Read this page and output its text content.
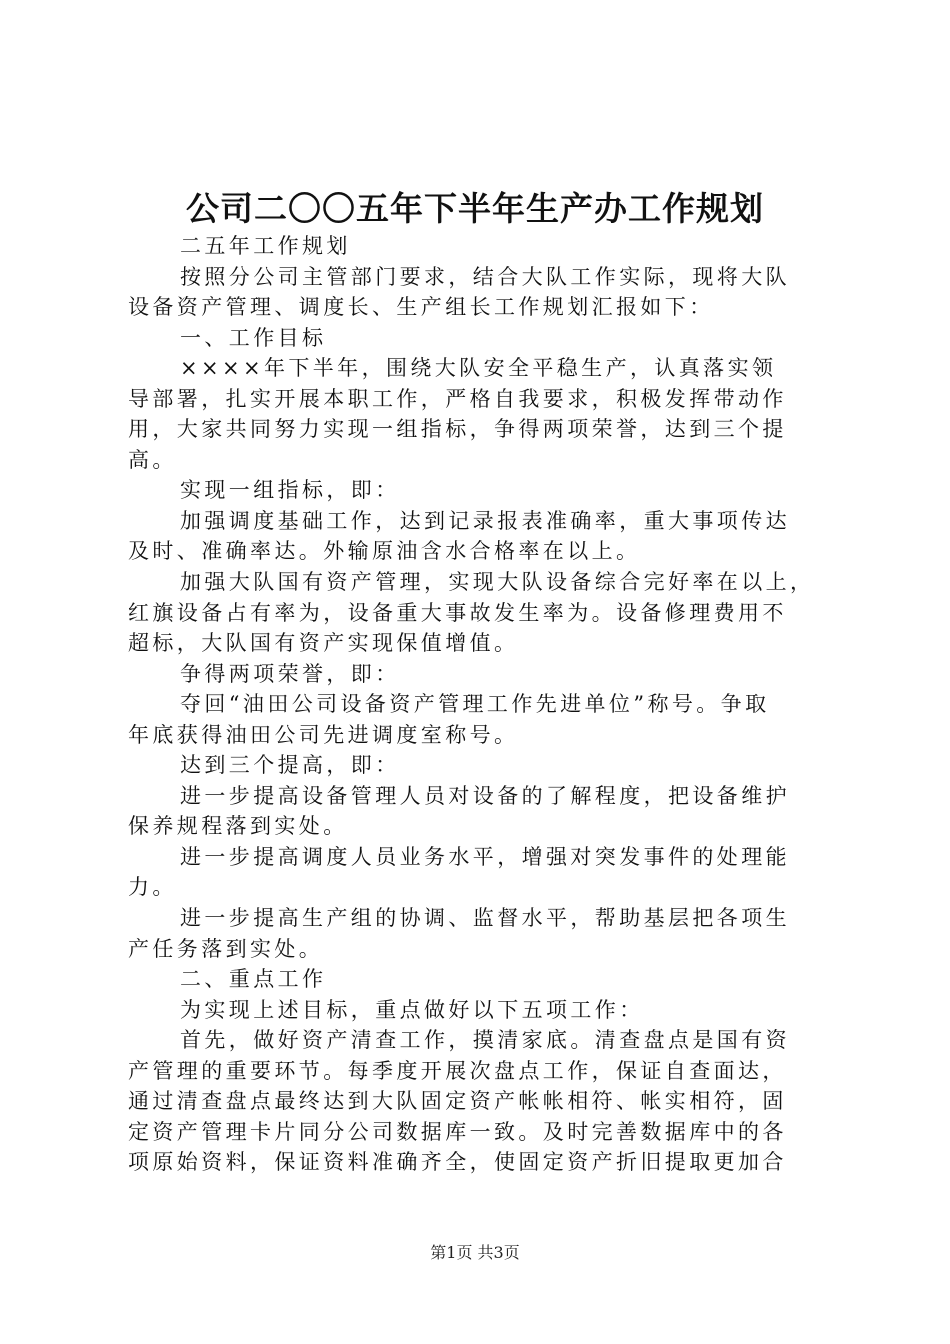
公司二〇〇五年下半年生产办工作规划
二五年工作规划
按照分公司主管部门要求，结合大队工作实际，现将大队
设备资产管理、调度长、生产组长工作规划汇报如下：
一、工作目标
××××年下半年，围绕大队安全平稳生产，认真落实领
导部署，扎实开展本职工作，严格自我要求，积极发挥带动作
用，大家共同努力实现一组指标，争得两项荣誉，达到三个提
高。
实现一组指标，即：
加强调度基础工作，达到记录报表准确率，重大事项传达
及时、准确率达。外输原油含水合格率在以上。
加强大队国有资产管理，实现大队设备综合完好率在以上，
红旗设备占有率为，设备重大事故发生率为。设备修理费用不
超标，大队国有资产实现保值增值。
争得两项荣誉，即：
夺回“油田公司设备资产管理工作先进单位”称号。争取
年底获得油田公司先进调度室称号。
达到三个提高，即：
进一步提高设备管理人员对设备的了解程度，把设备维护
保养规程落到实处。
进一步提高调度人员业务水平，增强对突发事件的处理能
力。
进一步提高生产组的协调、监督水平，帮助基层把各项生
产任务落到实处。
二、重点工作
为实现上述目标，重点做好以下五项工作：
首先，做好资产清查工作，摸清家底。清查盘点是国有资
产管理的重要环节。每季度开展次盘点工作，保证自查面达，
通过清查盘点最终达到大队固定资产帐帐相符、帐实相符，固
定资产管理卡片同分公司数据库一致。及时完善数据库中的各
项原始资料，保证资料准确齐全，使固定资产折旧提取更加合
第1页 共3页
